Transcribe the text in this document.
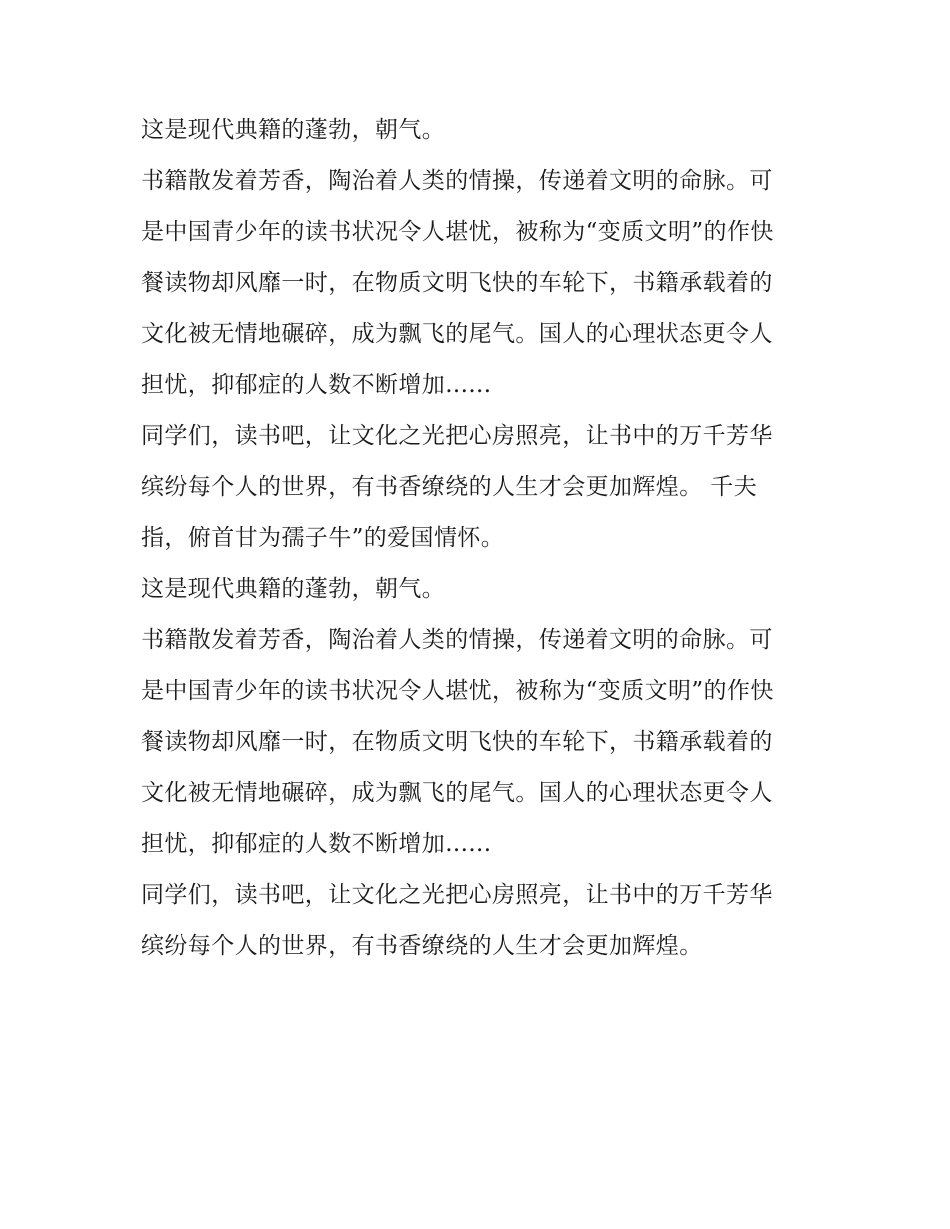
这是现代典籍的蓬勃，朝气。
书籍散发着芳香，陶治着人类的情操，传递着文明的命脉。可
是中国青少年的读书状况令人堪忧，被称为“变质文明”的作快
餐读物却风靡一时，在物质文明飞快的车轮下，书籍承载着的
文化被无情地碾碎，成为飘飞的尾气。国人的心理状态更令人
担忧，抑郁症的人数不断增加......
同学们，读书吧，让文化之光把心房照亮，让书中的万千芳华
缤纷每个人的世界，有书香缭绕的人生才会更加辉煌。 千夫
指，俯首甘为孺子牛”的爱国情怀。
这是现代典籍的蓬勃，朝气。
书籍散发着芳香，陶治着人类的情操，传递着文明的命脉。可
是中国青少年的读书状况令人堪忧，被称为“变质文明”的作快
餐读物却风靡一时，在物质文明飞快的车轮下，书籍承载着的
文化被无情地碾碎，成为飘飞的尾气。国人的心理状态更令人
担忧，抑郁症的人数不断增加......
同学们，读书吧，让文化之光把心房照亮，让书中的万千芳华
缤纷每个人的世界，有书香缭绕的人生才会更加辉煌。
